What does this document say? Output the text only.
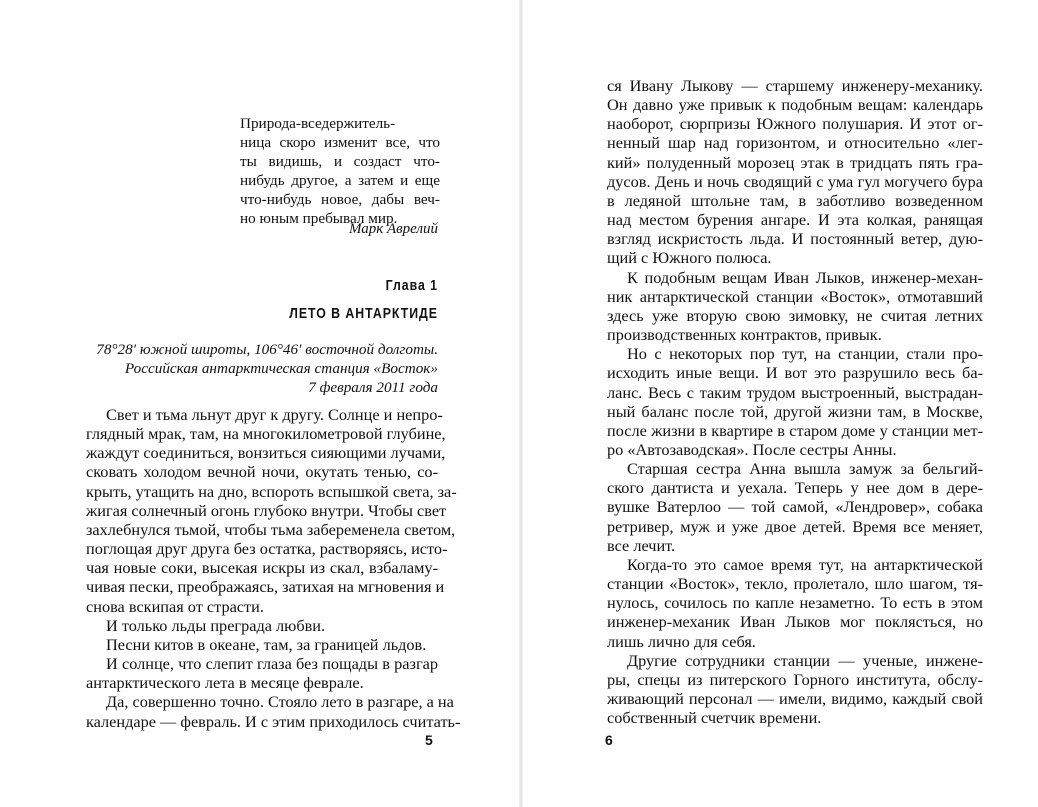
Природа-вседержитель-
ница скоро изменит все, что
ты видишь, и создаст что-
нибудь другое, а затем и еще
что-нибудь новое, дабы веч-
но юным пребывал мир.
Марк Аврелий
Глава 1
ЛЕТО В АНТАРКТИДЕ
78°28′ южной широты, 106°46′ восточной долготы.
Российская антарктическая станция «Восток»
7 февраля 2011 года
Свет и тьма льнут друг к другу. Солнце и непро-
глядный мрак, там, на многокилометровой глубине,
жаждут соединиться, вонзиться сияющими лучами,
сковать холодом вечной ночи, окутать тенью, со-
крыть, утащить на дно, вспороть вспышкой света, за-
жигая солнечный огонь глубоко внутри. Чтобы свет
захлебнулся тьмой, чтобы тьма забеременела светом,
поглощая друг друга без остатка, растворяясь, исто-
чая новые соки, высекая искры из скал, взбаламу-
чивая пески, преображаясь, затихая на мгновения и
снова вскипая от страсти.
И только льды преграда любви.
Песни китов в океане, там, за границей льдов.
И солнце, что слепит глаза без пощады в разгар
антарктического лета в месяце феврале.
Да, совершенно точно. Стояло лето в разгаре, а на
календаре — февраль. И с этим приходилось считать-
5
ся Ивану Лыкову — старшему инженеру-механику.
Он давно уже привык к подобным вещам: календарь
наоборот, сюрпризы Южного полушария. И этот ог-
ненный шар над горизонтом, и относительно «лег-
кий» полуденный морозец этак в тридцать пять гра-
дусов. День и ночь сводящий с ума гул могучего бура
в ледяной штольне там, в заботливо возведенном
над местом бурения ангаре. И эта колкая, ранящая
взгляд искристость льда. И постоянный ветер, дую-
щий с Южного полюса.
К подобным вещам Иван Лыков, инженер-механ-
ник антарктической станции «Восток», отмотавший
здесь уже вторую свою зимовку, не считая летних
производственных контрактов, привык.
Но с некоторых пор тут, на станции, стали про-
исходить иные вещи. И вот это разрушило весь ба-
ланс. Весь с таким трудом выстроенный, выстрадан-
ный баланс после той, другой жизни там, в Москве,
после жизни в квартире в старом доме у станции мет-
ро «Автозаводская». После сестры Анны.
Старшая сестра Анна вышла замуж за бельгий-
ского дантиста и уехала. Теперь у нее дом в дере-
вушке Ватерлоо — той самой, «Лендровер», собака
ретривер, муж и уже двое детей. Время все меняет,
все лечит.
Когда-то это самое время тут, на антарктической
станции «Восток», текло, пролетало, шло шагом, тя-
нулось, сочилось по капле незаметно. То есть в этом
инженер-механик Иван Лыков мог поклясться, но
лишь лично для себя.
Другие сотрудники станции — ученые, инжене-
ры, спецы из питерского Горного института, обслу-
живающий персонал — имели, видимо, каждый свой
собственный счетчик времени.
6
